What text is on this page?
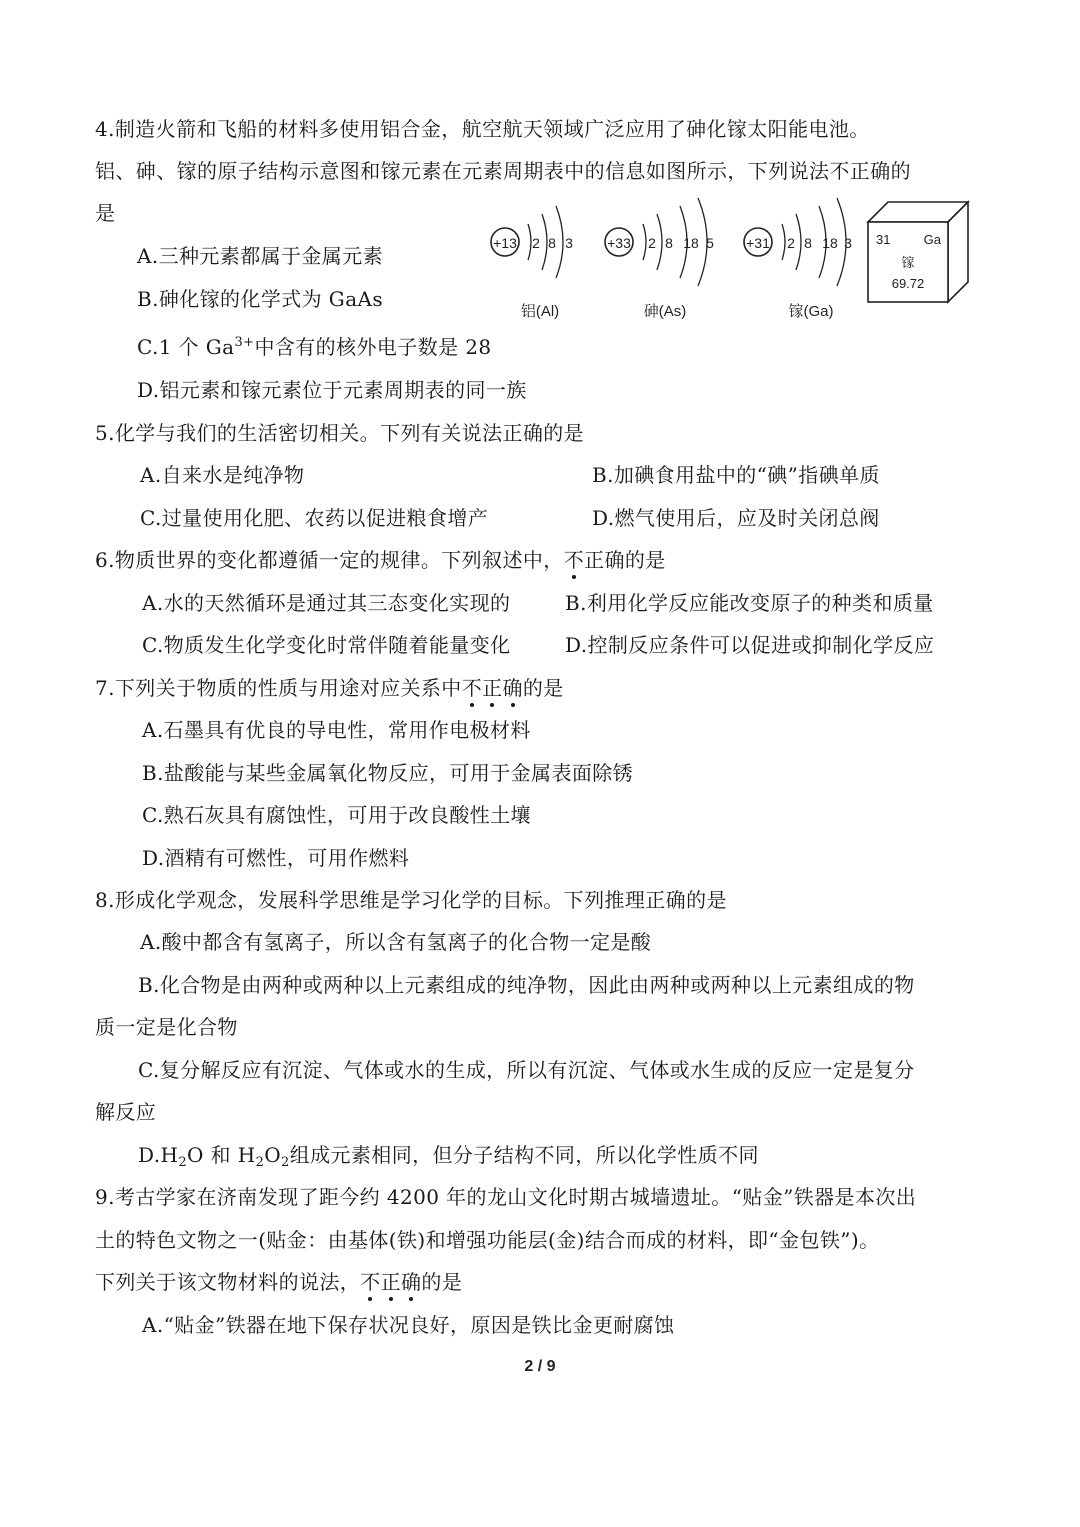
4.制造火箭和飞船的材料多使用铝合金，航空航天领域广泛应用了砷化镓太阳能电池。
铝、砷、镓的原子结构示意图和镓元素在元素周期表中的信息如图所示，下列说法不正确的
是
A.三种元素都属于金属元素
B.砷化镓的化学式为 GaAs
C.1 个 $Ga^{3+}$中含有的核外电子数是 28
D.铝元素和镓元素位于元素周期表的同一族
+13 2 8 3
铝(Al)
+33 2 8 18 5
砷(As)
+31 2 8 18 3
镓(Ga)
31	Ga
镓
69.72
5.化学与我们的生活密切相关。下列有关说法正确的是
A.自来水是纯净物	B.加碘食用盐中的“碘”指碘单质
C.过量使用化肥、农药以促进粮食增产	D.燃气使用后，应及时关闭总阀
6.物质世界的变化都遵循一定的规律。下列叙述中，不正确的是
A.水的天然循环是通过其三态变化实现的	B.利用化学反应能改变原子的种类和质量
C.物质发生化学变化时常伴随着能量变化	D.控制反应条件可以促进或抑制化学反应
7.下列关于物质的性质与用途对应关系中不正确的是
A.石墨具有优良的导电性，常用作电极材料
B.盐酸能与某些金属氧化物反应，可用于金属表面除锈
C.熟石灰具有腐蚀性，可用于改良酸性土壤
D.酒精有可燃性，可用作燃料
8.形成化学观念，发展科学思维是学习化学的目标。下列推理正确的是
A.酸中都含有氢离子，所以含有氢离子的化合物一定是酸
B.化合物是由两种或两种以上元素组成的纯净物，因此由两种或两种以上元素组成的物
质一定是化合物
C.复分解反应有沉淀、气体或水的生成，所以有沉淀、气体或水生成的反应一定是复分
解反应
$D.H_2O$ 和 $H_2O_2$组成元素相同，但分子结构不同，所以化学性质不同
9.考古学家在济南发现了距今约 4200 年的龙山文化时期古城墙遗址。“贴金”铁器是本次出
土的特色文物之一(贴金：由基体(铁)和增强功能层(金)结合而成的材料，即“金包铁”)。
下列关于该文物材料的说法，不正确的是
A.“贴金”铁器在地下保存状况良好，原因是铁比金更耐腐蚀
2 / 9
